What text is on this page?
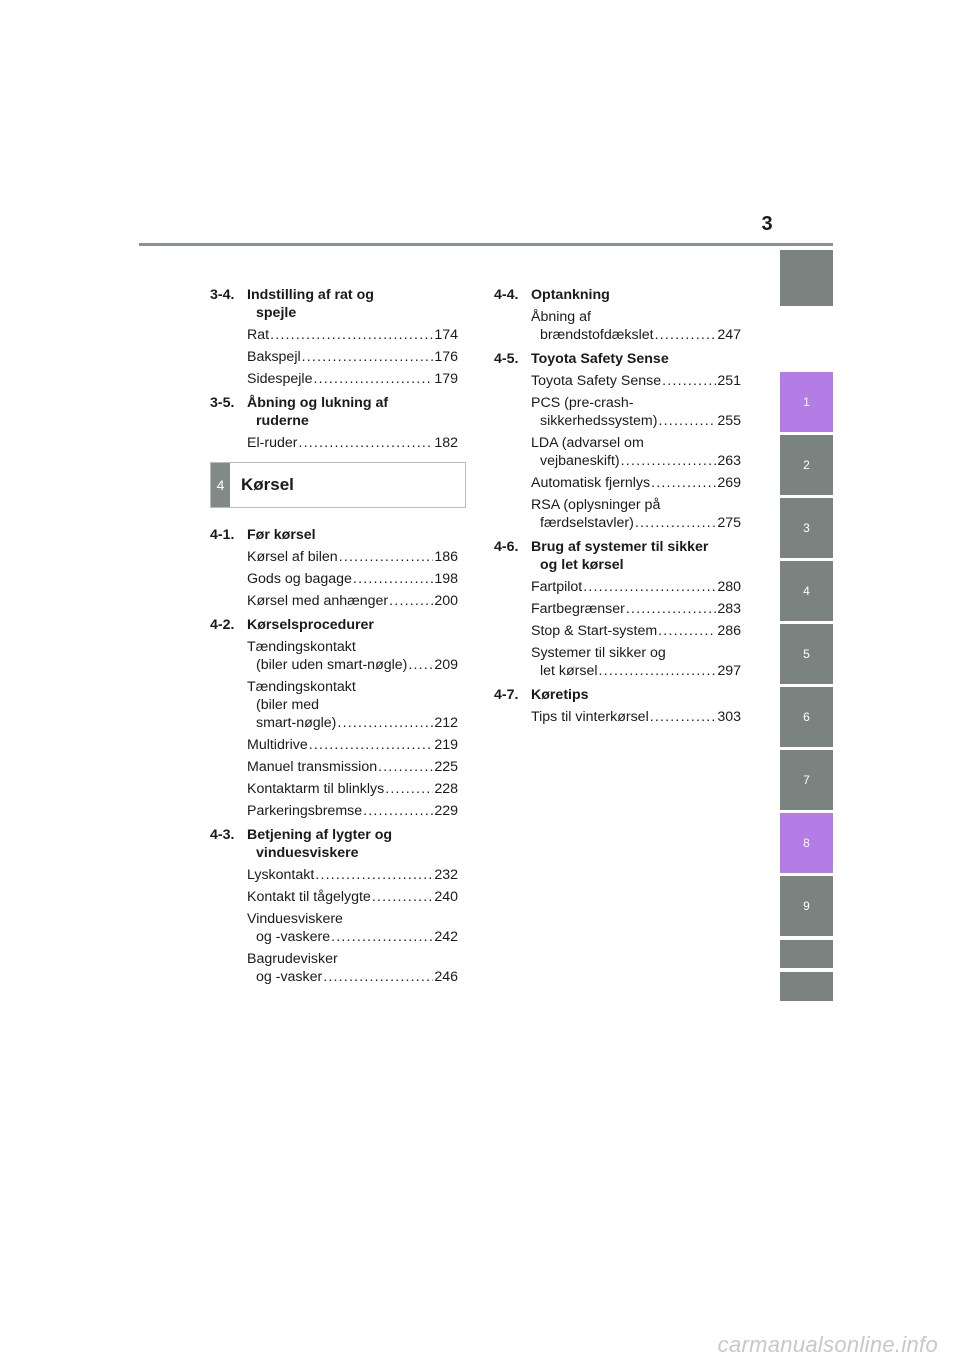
3
3-4. Indstilling af rat og
spejle
Rat .....	174
Bakspejl .....	176
Sidespejle .....	179
3-5. Åbning og lukning af
ruderne
El-ruder .....	182
4 Kørsel
4-1. Før kørsel
Kørsel af bilen .....	186
Gods og bagage .....	198
Kørsel med anhænger .....	200
4-2. Kørselsprocedurer
Tændingskontakt
(biler uden smart-nøgle) ..... 209
Tændingskontakt
(biler med
smart-nøgle) .....	212
Multidrive .....	219
Manuel transmission .....	225
Kontaktarm til blinklys .....	228
Parkeringsbremse .....	229
4-3. Betjening af lygter og
vinduesviskere
Lyskontakt .....	232
Kontakt til tågelygte .....	240
Vinduesviskere
og -vaskere .....	242
Bagrudevisker
og -vasker .....	246
4-4. Optankning
Åbning af
brændstofdækslet .....	247
4-5. Toyota Safety Sense
Toyota Safety Sense .....	251
PCS (pre-crash-
sikkerhedssystem) .....	255
LDA (advarsel om
vejbaneskift) .....	263
Automatisk fjernlys .....	269
RSA (oplysninger på
færdselstavler) .....	275
4-6. Brug af systemer til sikker
og let kørsel
Fartpilot .....	280
Fartbegrænser .....	283
Stop & Start-system .....	286
Systemer til sikker og
let kørsel .....	297
4-7. Køretips
Tips til vinterkørsel .....	303
1
2
3
4
5
6
7
8
9
carmanualsonline.info
